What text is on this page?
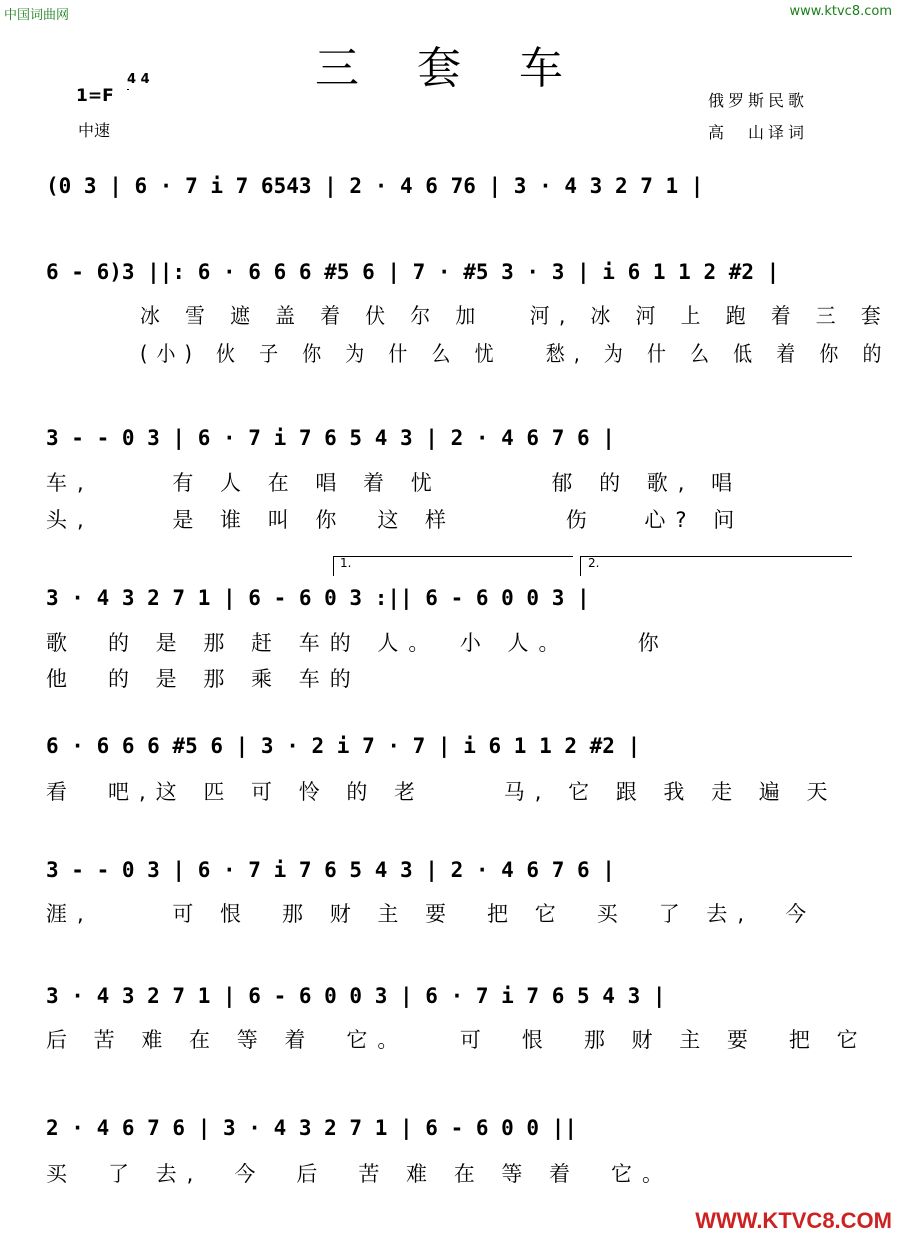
中国词曲网	www.ktvc8.com
三 套 车
1=F
4 4
中速
俄罗斯民歌
高　山译词
(0 3 | 6 · 7 i 7 6543 | 2 · 4 6 76 | 3 · 4 3 2 7 1 |
6 - 6)3 ||: 6 · 6 6 6 #5 6 | 7 · #5 3 · 3 | i 6 1 1 2 #2 |
冰 雪 遮 盖 着 伏 尔 加　 河, 冰 河 上 跑 着 三 套
(小) 伙 子 你 为 什 么 忧　 愁, 为 什 么 低 着 你 的
3 - - 0 3 | 6 · 7 i 7 6 5 4 3 | 2 · 4 6 7 6 |
车,　　 有 人 在 唱 着 忧　　　 郁 的 歌, 唱
头,　　 是 谁 叫 你　这 样　　　 伤　 心? 问
1.	2.
3 · 4 3 2 7 1 | 6 - 6 0 3 :|| 6 - 6 0 0 3 |
歌　的 是 那 赶 车的 人。　小 人。　　 你
他　的 是 那 乘 车的
6 · 6 6 6 #5 6 | 3 · 2 i 7 · 7 | i 6 1 1 2 #2 |
看　吧,这 匹 可 怜 的 老　　 马, 它 跟 我 走 遍 天
3 - - 0 3 | 6 · 7 i 7 6 5 4 3 | 2 · 4 6 7 6 |
涯,　　 可 恨　那 财 主 要　把 它　买　了 去,　今
3 · 4 3 2 7 1 | 6 - 6 0 0 3 | 6 · 7 i 7 6 5 4 3 |
后 苦 难 在 等 着　它。　　可　恨　那 财 主 要　把 它
2 · 4 6 7 6 | 3 · 4 3 2 7 1 | 6 - 6 0 0 ||
买　了 去,　今　后　苦 难 在 等 着　它。
WWW.KTVC8.COM
